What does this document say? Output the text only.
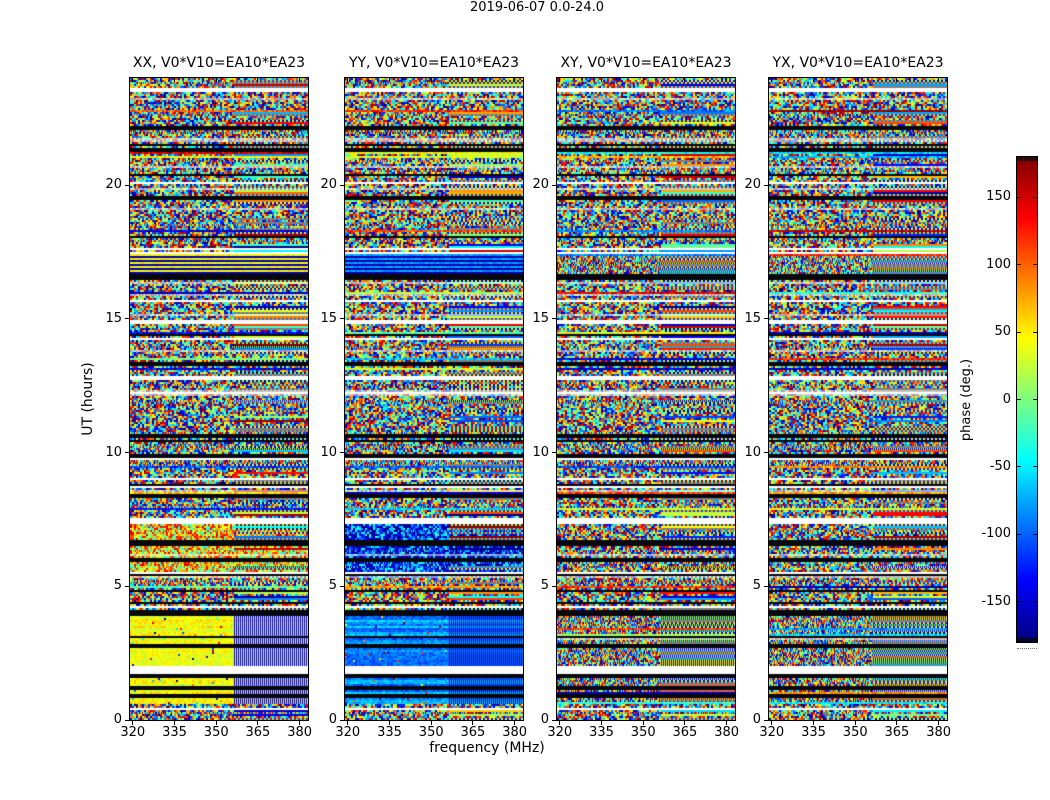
2019-06-07 0.0-24.0
XX, V0*V10=EA10*EA23
320	335	350	365	380
0
5
10
15
20
YY, V0*V10=EA10*EA23
320	335	350	365	380
0
5
10
15
20
XY, V0*V10=EA10*EA23
320	335	350	365	380
0
5
10
15
20
YX, V0*V10=EA10*EA23
320	335	350	365	380
0
5
10
15
20
frequency (MHz)
UT (hours)
150
100
50
0
-50
-100
-150
phase (deg.)
